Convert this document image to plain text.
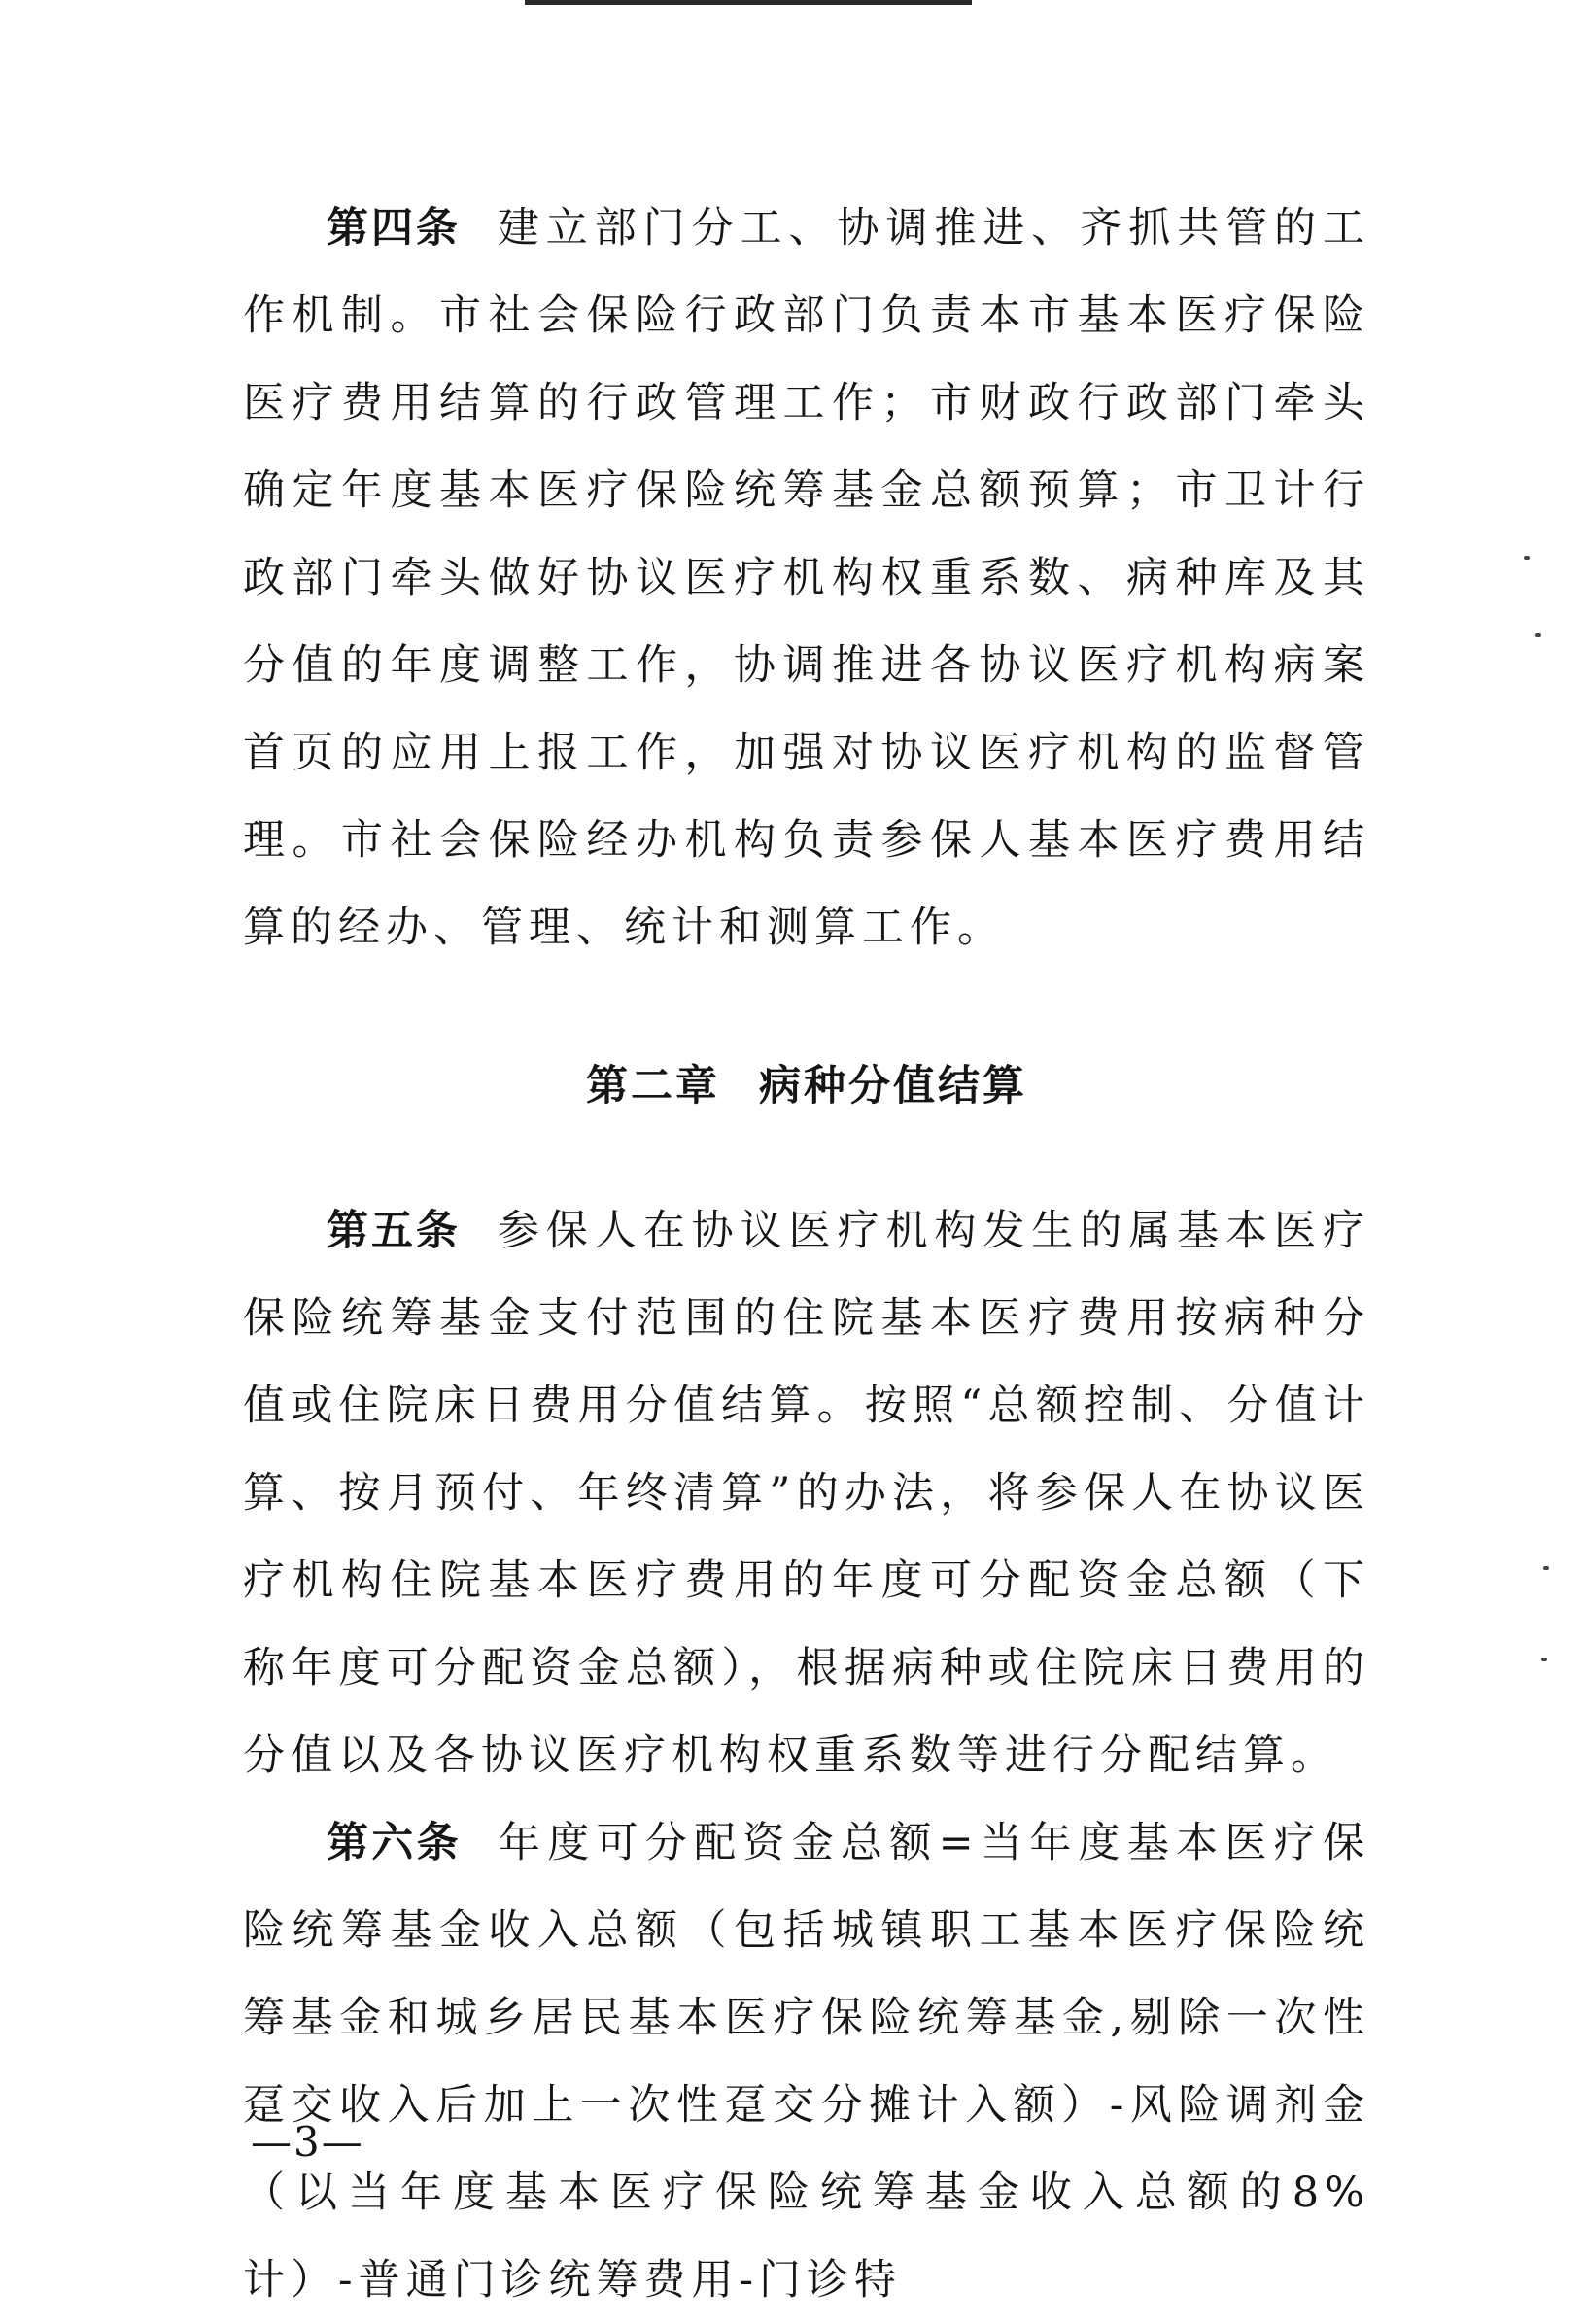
第四条 建立部门分工、协调推进、齐抓共管的工作机制。市社会保险行政部门负责本市基本医疗保险医疗费用结算的行政管理工作；市财政行政部门牵头确定年度基本医疗保险统筹基金总额预算；市卫计行政部门牵头做好协议医疗机构权重系数、病种库及其分值的年度调整工作，协调推进各协议医疗机构病案首页的应用上报工作，加强对协议医疗机构的监督管理。市社会保险经办机构负责参保人基本医疗费用结算的经办、管理、统计和测算工作。

第二章 病种分值结算

第五条 参保人在协议医疗机构发生的属基本医疗保险统筹基金支付范围的住院基本医疗费用按病种分值或住院床日费用分值结算。按照“总额控制、分值计算、按月预付、年终清算”的办法，将参保人在协议医疗机构住院基本医疗费用的年度可分配资金总额（下称年度可分配资金总额），根据病种或住院床日费用的分值以及各协议医疗机构权重系数等进行分配结算。

第六条 年度可分配资金总额=当年度基本医疗保险统筹基金收入总额（包括城镇职工基本医疗保险统筹基金和城乡居民基本医疗保险统筹基金,剔除一次性趸交收入后加上一次性趸交分摊计入额）-风险调剂金（以当年度基本医疗保险统筹基金收入总额的8%计）-普通门诊统筹费用-门诊特

—3—
